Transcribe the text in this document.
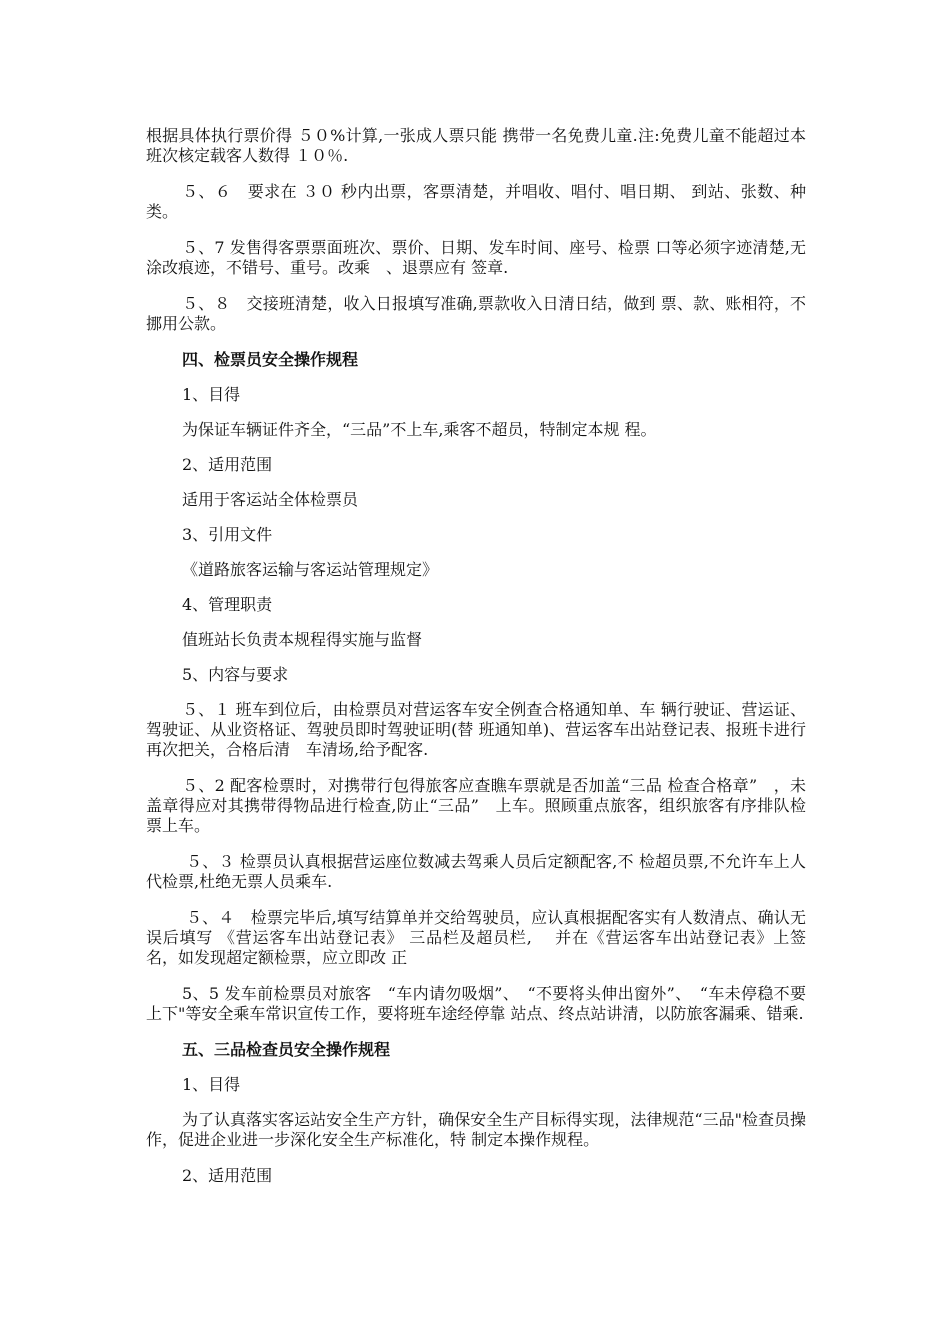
根据具体执行票价得 ５０%计算,一张成人票只能 携带一名免费儿童.注:免费儿童不能超过本班次核定载客人数得 １０％.

５、６　要求在 ３０ 秒内出票，客票清楚，并唱收、唱付、唱日期、 到站、张数、种类。

５、7 发售得客票票面班次、票价、日期、发车时间、座号、检票 口等必须字迹清楚,无涂改痕迹，不错号、重号。改乘　、退票应有 签章.

５、８　交接班清楚，收入日报填写准确,票款收入日清日结，做到 票、款、账相符，不挪用公款。

四、检票员安全操作规程
1、目得
为保证车辆证件齐全，“三品”不上车,乘客不超员，特制定本规 程。
2、适用范围
适用于客运站全体检票员
3、引用文件
《道路旅客运输与客运站管理规定》
4、管理职责
值班站长负责本规程得实施与监督
5、内容与要求

５、１ 班车到位后，由检票员对营运客车安全例查合格通知单、车 辆行驶证、营运证、驾驶证、从业资格证、驾驶员即时驾驶证明(替 班通知单)、营运客车出站登记表、报班卡进行再次把关，合格后清　车清场,给予配客.

５、2 配客检票时，对携带行包得旅客应查瞧车票就是否加盖“三品 检查合格章”　，未盖章得应对其携带得物品进行检查,防止“三品”　上车。照顾重点旅客，组织旅客有序排队检票上车。

５、３ 检票员认真根据营运座位数减去驾乘人员后定额配客,不 检超员票,不允许车上人代检票,杜绝无票人员乘车.

５、４　检票完毕后,填写结算单并交给驾驶员，应认真根据配客实有人数清点、确认无误后填写 《营运客车出站登记表》 三品栏及超员栏,　 并在《营运客车出站登记表》上签名，如发现超定额检票，应立即改 正

5、5 发车前检票员对旅客　“车内请勿吸烟”、　“不要将头伸出窗外”、　“车未停稳不要上下"等安全乘车常识宣传工作，要将班车途经停靠 站点、终点站讲清，以防旅客漏乘、错乘.

五、三品检查员安全操作规程
1、目得

为了认真落实客运站安全生产方针，确保安全生产目标得实现，法律规范“三品"检查员操作，促进企业进一步深化安全生产标准化，特 制定本操作规程。

2、适用范围
